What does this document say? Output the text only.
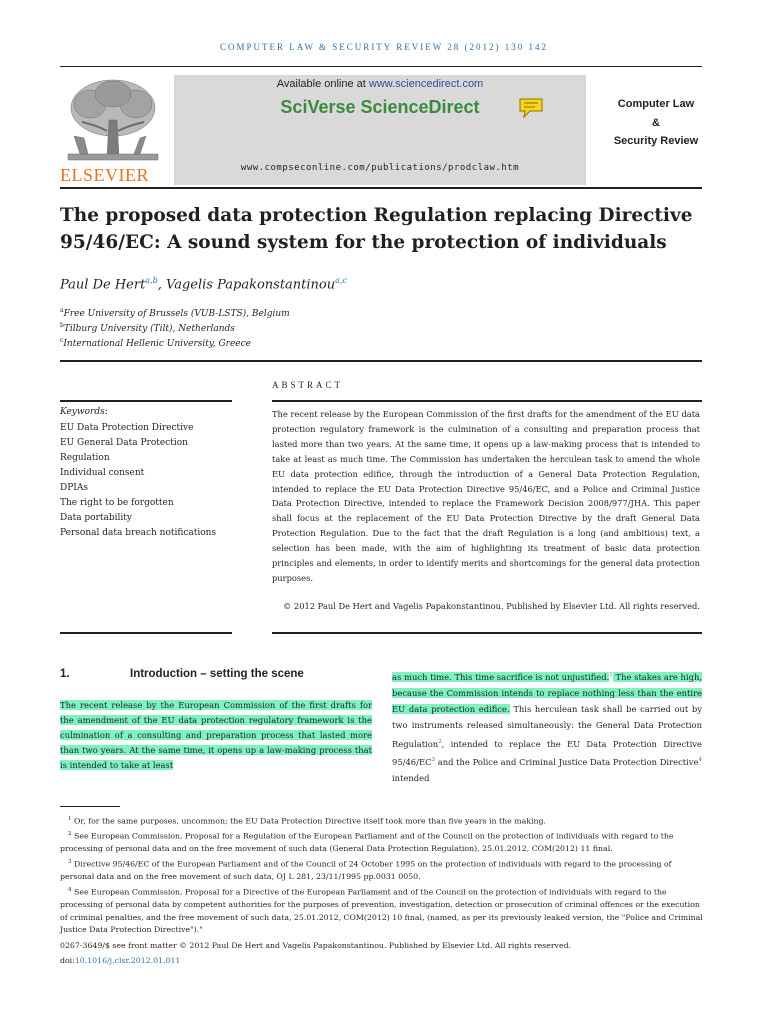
COMPUTER LAW & SECURITY REVIEW 28 (2012) 130 142
ELSEVIER
Available online at www.sciencedirect.com
SciVerse ScienceDirect
www.compseconline.com/publications/prodclaw.htm
Computer Law
&
Security Review
The proposed data protection Regulation replacing Directive 95/46/EC: A sound system for the protection of individuals
Paul De Hert$^{a,b}$, Vagelis Papakonstantinou$^{a,c}$
$^a$Free University of Brussels (VUB-LSTS), Belgium
$^b$Tilburg University (Tilt), Netherlands
$^c$International Hellenic University, Greece
ABSTRACT
Keywords:
EU Data Protection Directive
EU General Data Protection
Regulation
Individual consent
DPIAs
The right to be forgotten
Data portability
Personal data breach notifications
The recent release by the European Commission of the first drafts for the amendment of the EU data protection regulatory framework is the culmination of a consulting and preparation process that lasted more than two years. At the same time, it opens up a law-making process that is intended to take at least as much time. The Commission has undertaken the herculean task to amend the whole EU data protection edifice, through the introduction of a General Data Protection Regulation, intended to replace the EU Data Protection Directive 95/46/EC, and a Police and Criminal Justice Data Protection Directive, intended to replace the Framework Decision 2008/977/JHA. This paper shall focus at the replacement of the EU Data Protection Directive by the draft General Data Protection Regulation. Due to the fact that the draft Regulation is a long (and ambitious) text, a selection has been made, with the aim of highlighting its treatment of basic data protection principles and elements, in order to identify merits and shortcomings for the general data protection purposes.
© 2012 Paul De Hert and Vagelis Papakonstantinou. Published by Elsevier Ltd. All rights reserved.
1.	Introduction – setting the scene
The recent release by the European Commission of the first drafts for the amendment of the EU data protection regulatory framework is the culmination of a consulting and preparation process that lasted more than two years. At the same time, it opens up a law-making process that is intended to take at least
as much time. This time sacrifice is not unjustified.$^1$ The stakes are high, because the Commission intends to replace nothing less than the entire EU data protection edifice. This herculean task shall be carried out by two instruments released simultaneously: the General Data Protection Regulation$^2$, intended to replace the EU Data Protection Directive $95/46/EC^3$ and the Police and Criminal Justice Data Protection Directive$^4$ intended

$^1$ Or, for the same purposes, uncommon; the EU Data Protection Directive itself took more than five years in the making.

$^2$ See European Commission, Proposal for a Regulation of the European Parliament and of the Council on the protection of individuals with regard to the processing of personal data and on the free movement of such data (General Data Protection Regulation), 25.01.2012, COM(2012) 11 final.

$^3$ Directive 95/46/EC of the European Parliament and of the Council of 24 October 1995 on the protection of individuals with regard to the processing of personal data and on the free movement of such data, OJ L 281, 23/11/1995 pp.0031 0050.

$^4$ See European Commission, Proposal for a Directive of the European Parliament and of the Council on the protection of individuals with regard to the processing of personal data by competent authorities for the purposes of prevention, investigation, detection or prosecution of criminal offences or the execution of criminal penalties, and the free movement of such data, 25.01.2012, COM(2012) 10 final, (named, as per its previously leaked version, the "Police and Criminal Justice Data Protection Directive")."

0267-3649/$ see front matter © 2012 Paul De Hert and Vagelis Papakonstantinou. Published by Elsevier Ltd. All rights reserved.
doi:10.1016/j.clsr.2012.01.011
